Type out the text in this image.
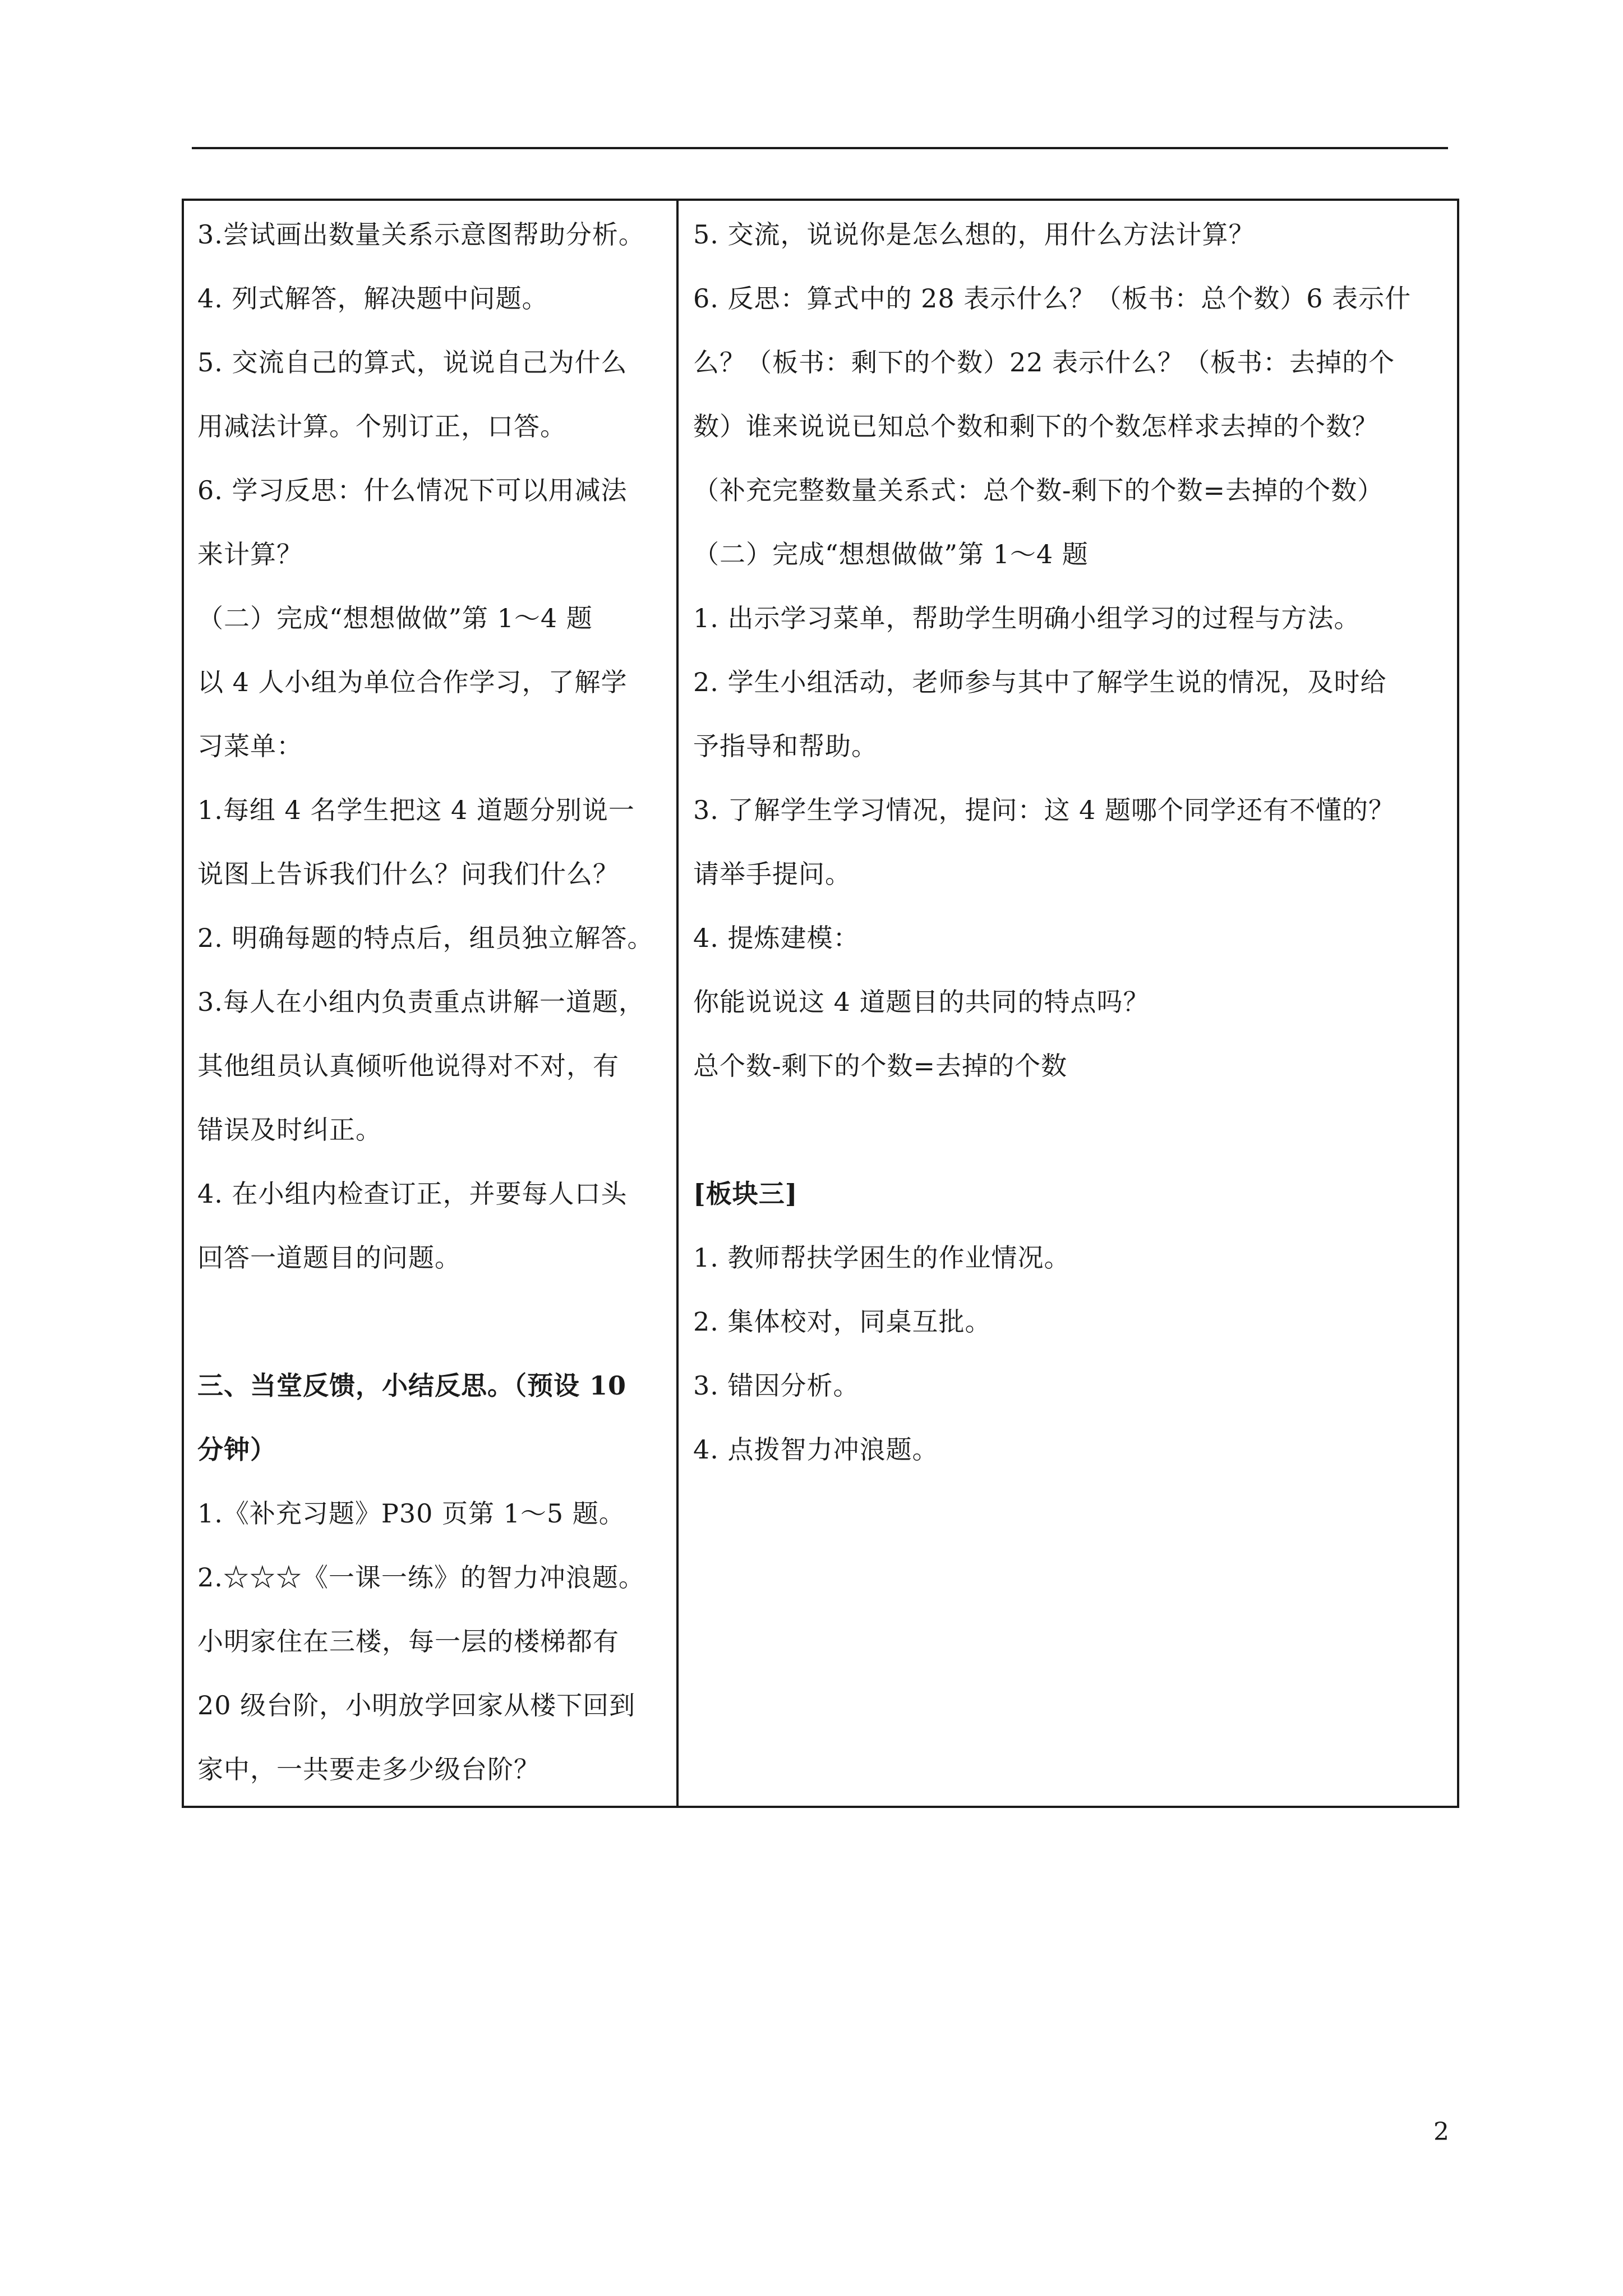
3.尝试画出数量关系示意图帮助分析。

4. 列式解答，解决题中问题。

5. 交流自己的算式，说说自己为什么

用减法计算。个别订正，口答。

6. 学习反思：什么情况下可以用减法

来计算？

（二）完成“想想做做”第 1～4 题

以 4 人小组为单位合作学习，了解学

习菜单：

1.每组 4 名学生把这 4 道题分别说一

说图上告诉我们什么？问我们什么？

2. 明确每题的特点后，组员独立解答。

3.每人在小组内负责重点讲解一道题，

其他组员认真倾听他说得对不对，有

错误及时纠正。

4. 在小组内检查订正，并要每人口头

回答一道题目的问题。

三、当堂反馈，小结反思。（预设 10

分钟）

1.《补充习题》P30 页第 1～5 题。

2.☆☆☆《一课一练》的智力冲浪题。

小明家住在三楼，每一层的楼梯都有

20 级台阶，小明放学回家从楼下回到

家中，一共要走多少级台阶？

5. 交流，说说你是怎么想的，用什么方法计算？

6. 反思：算式中的 28 表示什么？（板书：总个数）6 表示什

么？（板书：剩下的个数）22 表示什么？（板书：去掉的个

数）谁来说说已知总个数和剩下的个数怎样求去掉的个数？

（补充完整数量关系式：总个数-剩下的个数=去掉的个数）

（二）完成“想想做做”第 1～4 题

1. 出示学习菜单，帮助学生明确小组学习的过程与方法。

2. 学生小组活动，老师参与其中了解学生说的情况，及时给

予指导和帮助。

3. 了解学生学习情况，提问：这 4 题哪个同学还有不懂的？

请举手提问。

4. 提炼建模：

你能说说这 4 道题目的共同的特点吗？

总个数-剩下的个数=去掉的个数

[板块三]

1. 教师帮扶学困生的作业情况。

2. 集体校对，同桌互批。

3. 错因分析。

4. 点拨智力冲浪题。

2
